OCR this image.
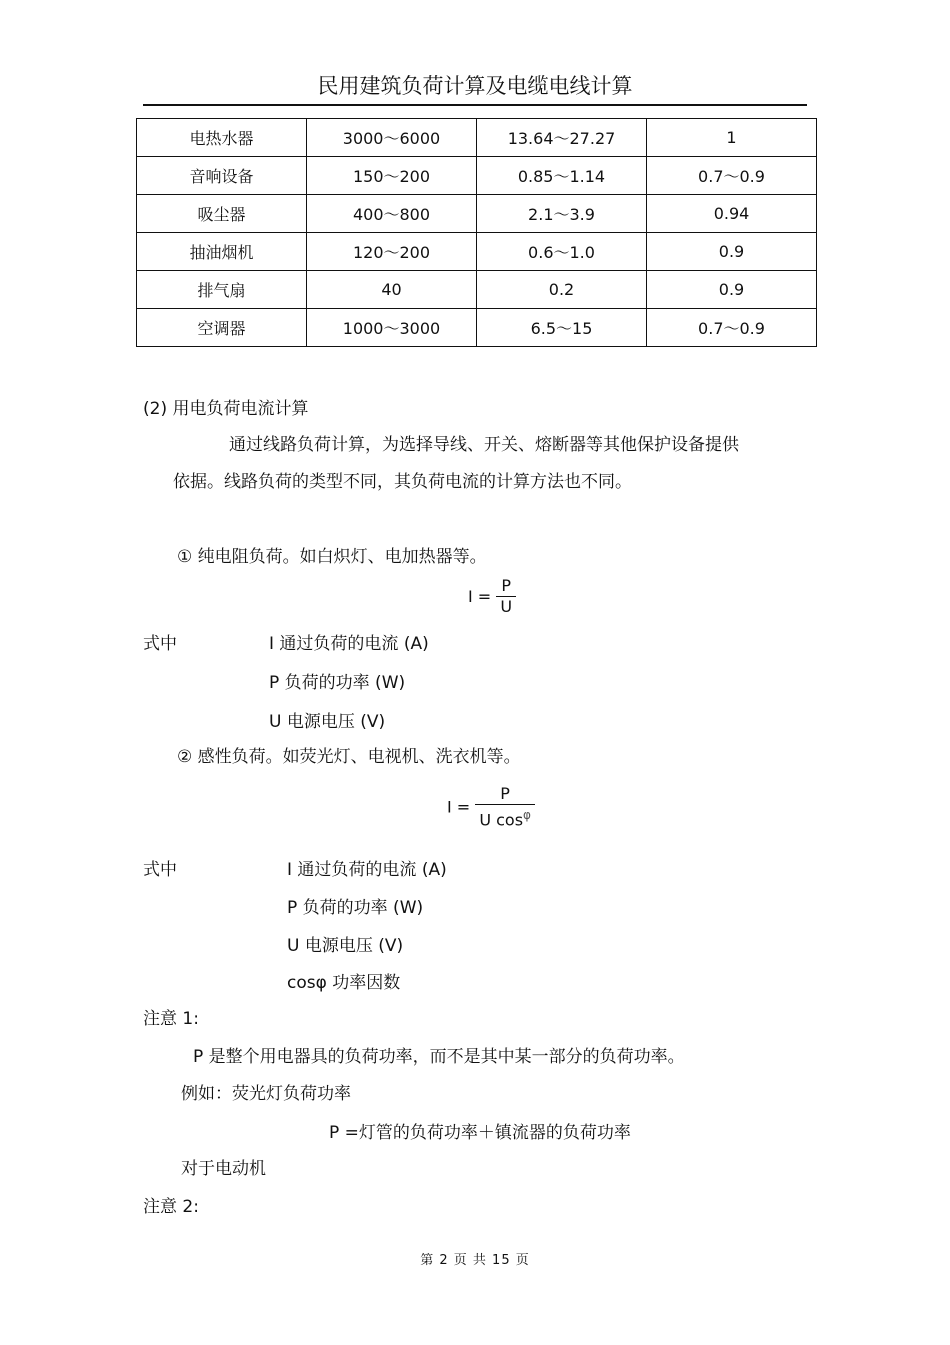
民用建筑负荷计算及电缆电线计算
电热水器	3000～6000	13.64～27.27	1
音响设备	150～200	0.85～1.14	0.7～0.9
吸尘器	400～800	2.1～3.9	0.94
抽油烟机	120～200	0.6～1.0	0.9
排气扇	40	0.2	0.9
空调器	1000～3000	6.5～15	0.7～0.9
(2) 用电负荷电流计算
通过线路负荷计算，为选择导线、开关、熔断器等其他保护设备提供
依据。线路负荷的类型不同，其负荷电流的计算方法也不同。
① 纯电阻负荷。如白炽灯、电加热器等。
$I = \frac{P}{U}$
式中	I 通过负荷的电流 (A)
P 负荷的功率 (W)
U 电源电压 (V)
② 感性负荷。如荧光灯、电视机、洗衣机等。
$I = \frac{P}{U \cos^\varphi}$
式中	I 通过负荷的电流 (A)
P 负荷的功率 (W)
U 电源电压 (V)
cosφ 功率因数
注意 1:
P 是整个用电器具的负荷功率，而不是其中某一部分的负荷功率。
例如：荧光灯负荷功率
P =灯管的负荷功率＋镇流器的负荷功率
对于电动机
注意 2:
第 2 页 共 15 页
